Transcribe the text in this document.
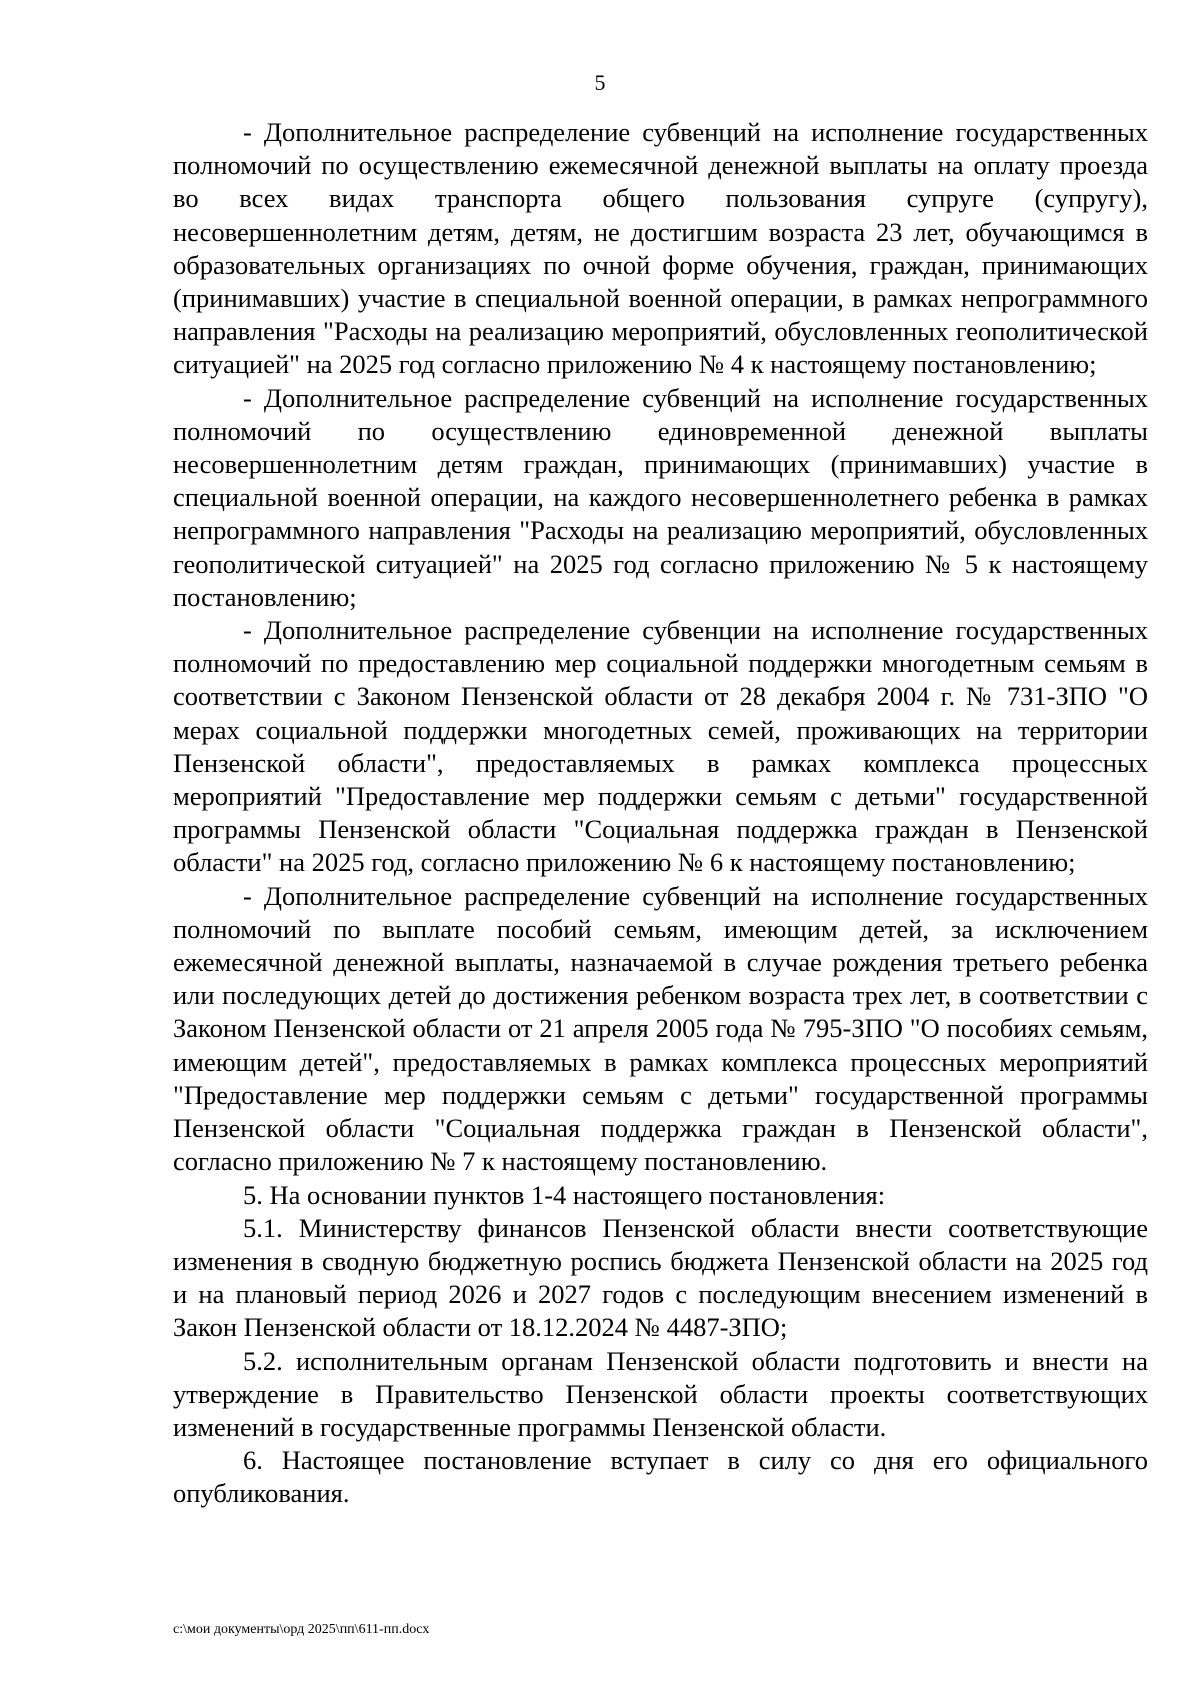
5

- Дополнительное распределение субвенций на исполнение государственных полномочий по осуществлению ежемесячной денежной выплаты на оплату проезда во всех видах транспорта общего пользования супруге (супругу), несовершеннолетним детям, детям, не достигшим возраста 23 лет, обучающимся в образовательных организациях по очной форме обучения, граждан, принимающих (принимавших) участие в специальной военной операции, в рамках непрограммного направления "Расходы на реализацию мероприятий, обусловленных геополитической ситуацией" на 2025 год согласно приложению № 4 к настоящему постановлению;

- Дополнительное распределение субвенций на исполнение государственных полномочий по осуществлению единовременной денежной выплаты несовершеннолетним детям граждан, принимающих (принимавших) участие в специальной военной операции, на каждого несовершеннолетнего ребенка в рамках непрограммного направления "Расходы на реализацию мероприятий, обусловленных геополитической ситуацией" на 2025 год согласно приложению № 5 к настоящему постановлению;

- Дополнительное распределение субвенции на исполнение государственных полномочий по предоставлению мер социальной поддержки многодетным семьям в соответствии с Законом Пензенской области от 28 декабря 2004 г. № 731-ЗПО "О мерах социальной поддержки многодетных семей, проживающих на территории Пензенской области", предоставляемых в рамках комплекса процессных мероприятий "Предоставление мер поддержки семьям с детьми" государственной программы Пензенской области "Социальная поддержка граждан в Пензенской области" на 2025 год, согласно приложению № 6 к настоящему постановлению;

- Дополнительное распределение субвенций на исполнение государственных полномочий по выплате пособий семьям, имеющим детей, за исключением ежемесячной денежной выплаты, назначаемой в случае рождения третьего ребенка или последующих детей до достижения ребенком возраста трех лет, в соответствии с Законом Пензенской области от 21 апреля 2005 года № 795-ЗПО "О пособиях семьям, имеющим детей", предоставляемых в рамках комплекса процессных мероприятий "Предоставление мер поддержки семьям с детьми" государственной программы Пензенской области "Социальная поддержка граждан в Пензенской области", согласно приложению № 7 к настоящему постановлению.

5. На основании пунктов 1-4 настоящего постановления:

5.1. Министерству финансов Пензенской области внести соответствующие изменения в сводную бюджетную роспись бюджета Пензенской области на 2025 год и на плановый период 2026 и 2027 годов с последующим внесением изменений в Закон Пензенской области от 18.12.2024 № 4487-ЗПО;

5.2. исполнительным органам Пензенской области подготовить и внести на утверждение в Правительство Пензенской области проекты соответствующих изменений в государственные программы Пензенской области.

6. Настоящее постановление вступает в силу со дня его официального опубликования.

c:\мои документы\орд 2025\пп\611-пп.docx
